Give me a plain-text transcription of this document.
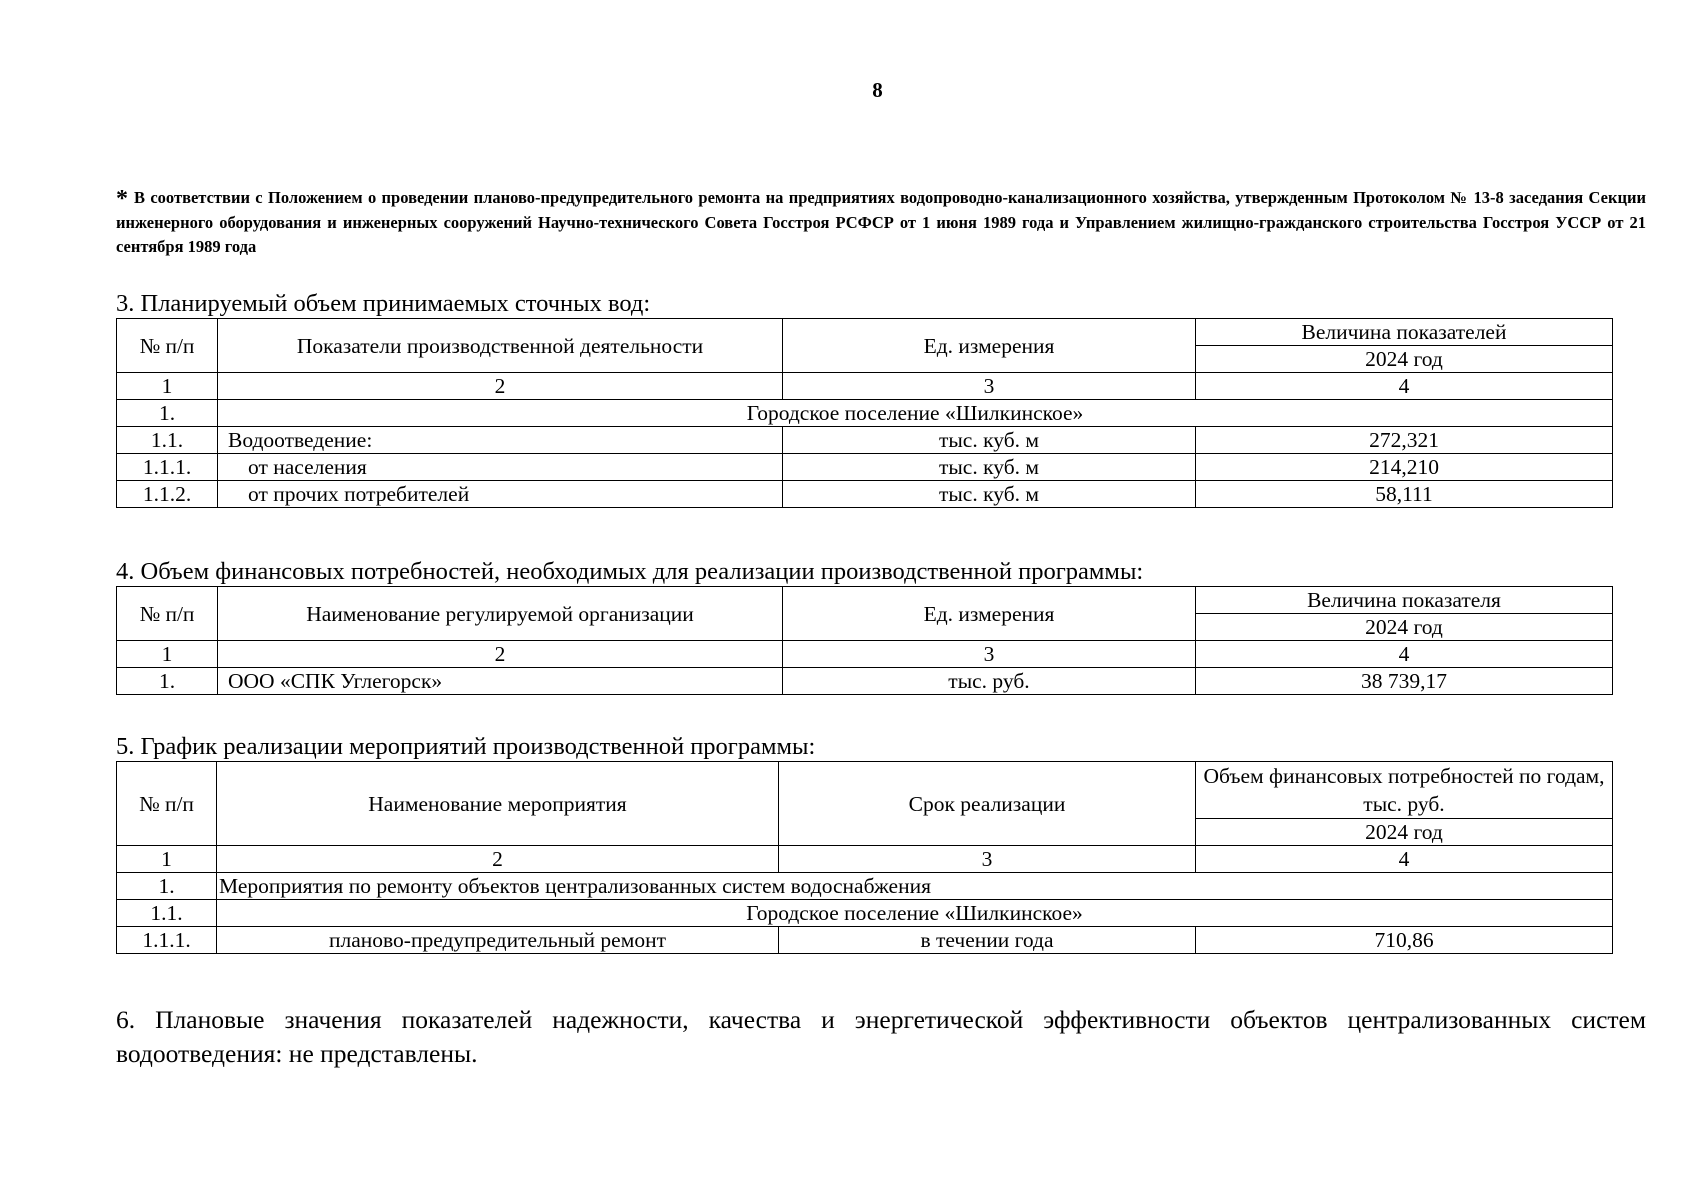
8
* В соответствии с Положением о проведении планово-предупредительного ремонта на предприятиях водопроводно-канализационного хозяйства, утвержденным Протоколом № 13-8 заседания Секции инженерного оборудования и инженерных сооружений Научно-технического Совета Госстроя РСФСР от 1 июня 1989 года и Управлением жилищно-гражданского строительства Госстроя УССР от 21 сентября 1989 года
3. Планируемый объем принимаемых сточных вод:
№ п/п	Показатели производственной деятельности	Ед. измерения	Величина показателей
			2024 год
1	2	3	4
1.	Городское поселение «Шилкинское»		
1.1.	Водоотведение:	тыс. куб. м	272,321
1.1.1.	от населения	тыс. куб. м	214,210
1.1.2.	от прочих потребителей	тыс. куб. м	58,111
4. Объем финансовых потребностей, необходимых для реализации производственной программы:
№ п/п	Наименование регулируемой организации	Ед. измерения	Величина показателя
			2024 год
1	2	3	4
1.	ООО «СПК Углегорск»	тыс. руб.	38 739,17
5. График реализации мероприятий производственной программы:
№ п/п	Наименование мероприятия	Срок реализации	Объем финансовых потребностей по годам, тыс. руб.
			2024 год
1	2	3	4
1.	Мероприятия по ремонту объектов централизованных систем водоснабжения		
1.1.	Городское поселение «Шилкинское»		
1.1.1.	планово-предупредительный ремонт	в течении года	710,86
6. Плановые значения показателей надежности, качества и энергетической эффективности объектов централизованных систем водоотведения: не представлены.
